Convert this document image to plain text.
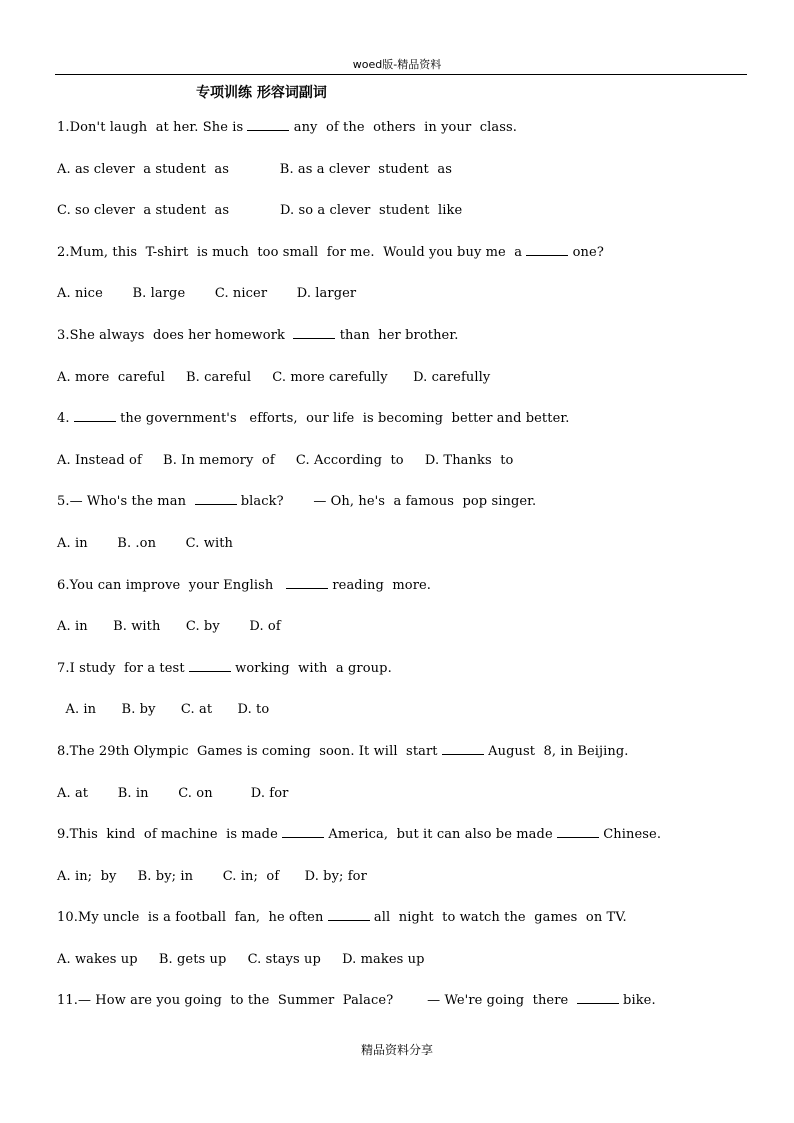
woed版-精品资料
专项训练 形容词副词
1.Don't laugh  at her. She is	any  of the  others  in your  class.
A. as clever  a student  as            B. as a clever  student  as
C. so clever  a student  as            D. so a clever  student  like
2.Mum, this  T-shirt  is much  too small  for me.  Would you buy me  a	one?
A. nice       B. large       C. nicer       D. larger
3.She always  does her homework	than  her brother.
A. more  careful     B. careful     C. more carefully      D. carefully
4.	the government's   efforts,  our life  is becoming  better and better.
A. Instead of     B. In memory  of     C. According  to     D. Thanks  to
5.— Who's the man	black?       — Oh, he's  a famous  pop singer.
A. in       B. .on       C. with
6.You can improve  your English	reading  more.
A. in      B. with      C. by       D. of
7.I study  for a test	working  with  a group.
A. in      B. by      C. at      D. to
8.The 29th Olympic  Games is coming  soon. It will  start	August  8, in Beijing.
A. at       B. in       C. on         D. for
9.This  kind  of machine  is made	America,  but it can also be made	Chinese.
A. in;  by     B. by; in       C. in;  of      D. by; for
10.My uncle  is a football  fan,  he often	all  night  to watch the  games  on TV.
A. wakes up     B. gets up     C. stays up     D. makes up
11.— How are you going  to the  Summer  Palace?        — We're going  there	bike.
精品资料分享
